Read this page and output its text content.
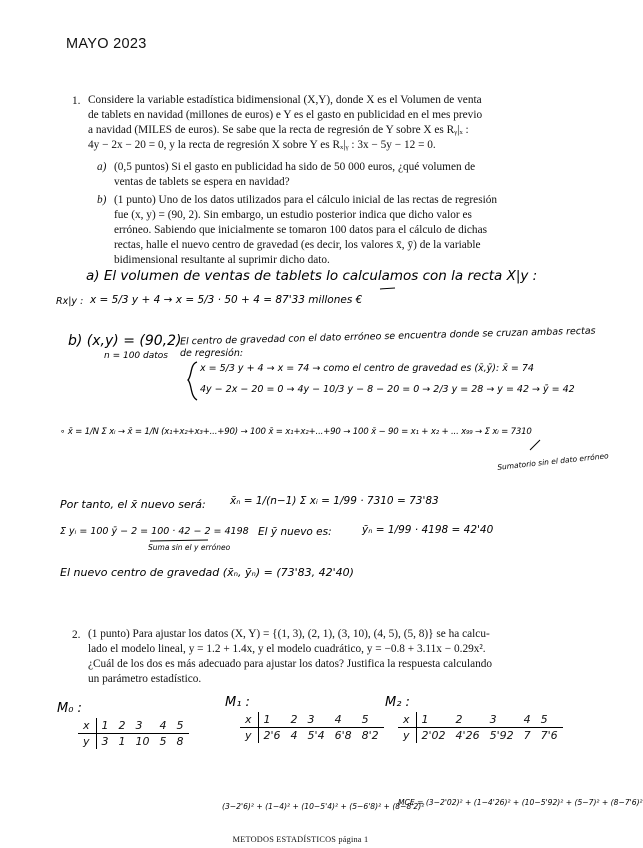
MAYO 2023
1. Considere la variable estadística bidimensional (X,Y), donde X es el Volumen de venta
de tablets en navidad (millones de euros) e Y es el gasto en publicidad en el mes previo
a navidad (MILES de euros). Se sabe que la recta de regresión de Y sobre X es Rᵧ|ₓ :
4y − 2x − 20 = 0, y la recta de regresión X sobre Y es Rₓ|ᵧ : 3x − 5y − 12 = 0.
a) (0,5 puntos) Si el gasto en publicidad ha sido de 50 000 euros, ¿qué volumen de
ventas de tablets se espera en navidad?
b) (1 punto) Uno de los datos utilizados para el cálculo inicial de las rectas de regresión
fue (x, y) = (90, 2). Sin embargo, un estudio posterior indica que dicho valor es
erróneo. Sabiendo que inicialmente se tomaron 100 datos para el cálculo de dichas
rectas, halle el nuevo centro de gravedad (es decir, los valores x̄, ȳ) de la variable
bidimensional resultante al suprimir dicho dato.
a) El volumen de ventas de tablets lo calculamos con la recta X|y :
Rx|y : x = 5/3 y + 4 → x = 5/3 · 50 + 4 = 87'33 millones €
b) (x,y) = (90,2)
n = 100 datos
El centro de gravedad con el dato erróneo se encuentra donde se cruzan ambas rectas
de regresión:
x = 5/3 y + 4 → x = 74 → como el centro de gravedad es (x̄,ȳ): x̄ = 74
4y − 2x − 20 = 0 → 4y − 10/3 y − 8 − 20 = 0 → 2/3 y = 28 → y = 42 → ȳ = 42
∘ x̄ = 1/N Σ xᵢ → x̄ = 1/N (x₁+x₂+x₃+...+90) → 100 x̄ = x₁+x₂+...+90 → 100 x̄ − 90 = x₁ + x₂ + ... x₉₉ → Σ xᵢ = 7310
Sumatorio sin el dato erróneo
Por tanto, el x̄ nuevo será: x̄ₙ = 1/(n−1) Σ xᵢ = 1/99 · 7310 = 73'83
Σ yᵢ = 100 ȳ − 2 = 100 · 42 − 2 = 4198
Suma sin el y erróneo
El ȳ nuevo es:	ȳₙ = 1/99 · 4198 = 42'40
El nuevo centro de gravedad (x̄ₙ, ȳₙ) = (73'83, 42'40)
2. (1 punto) Para ajustar los datos (X, Y) = {(1, 3), (2, 1), (3, 10), (4, 5), (5, 8)} se ha calcu-
lado el modelo lineal, y = 1.2 + 1.4x, y el modelo cuadrático, y = −0.8 + 3.11x − 0.29x².
¿Cuál de los dos es más adecuado para ajustar los datos? Justifica la respuesta calculando
un parámetro estadístico.
M₀ :
x	1	2	3	4	5
y	3	1	10	5	8
M₁ :
x	1	2	3	4	5
y	2'6	4	5'4	6'8	8'2
M₂ :
x	1	2	3	4	5
y	2'02	4'26	5'92	7	7'6
(3−2'6)² + (1−4)² + (10−5'4)² + (5−6'8)² + (8−8'2)²
MCE = (3−2'02)² + (1−4'26)² + (10−5'92)² + (5−7)² + (8−7'6)²
METODOS ESTADÍSTICOS página 1
